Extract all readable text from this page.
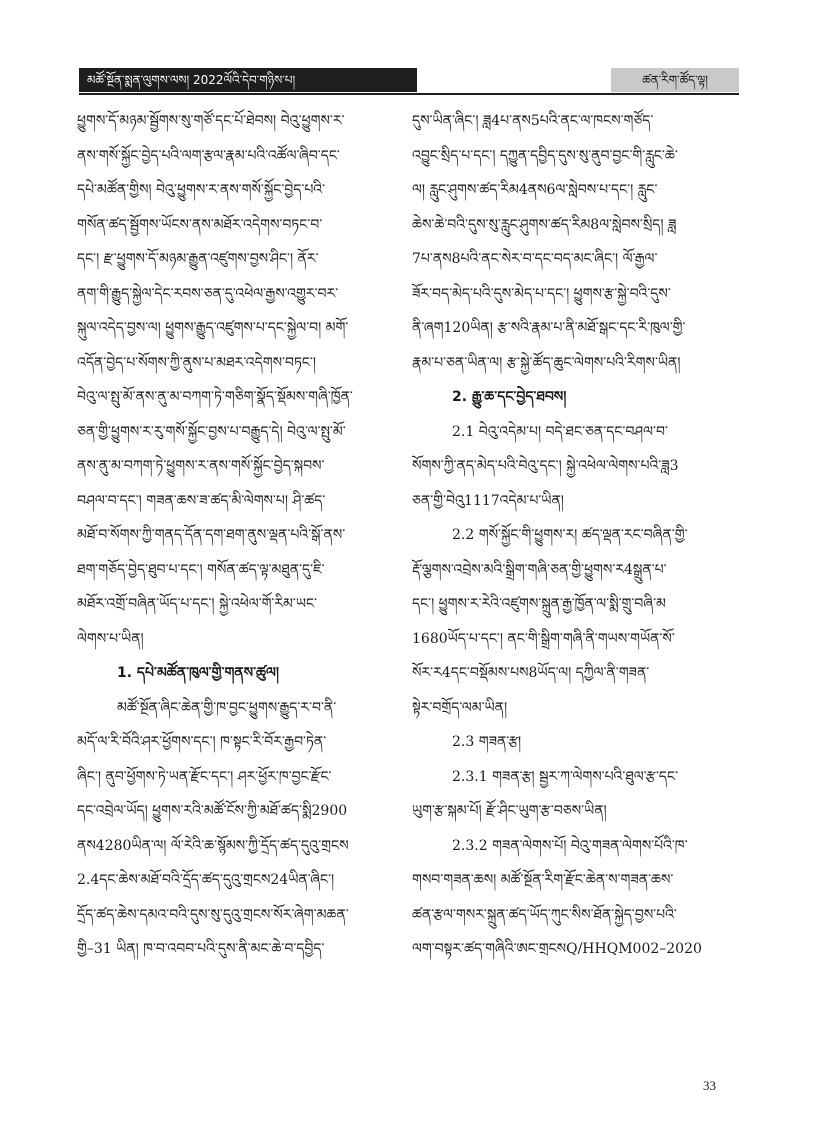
མཚོ་སྔོན་སྨན་ལུགས་ལས། 2022ལོའི་དེབ་གཉིས་པ།	ཚན་རིག་ཚོད་ལྟ།
ཕྱུགས་དོ་མཉམ་སྦྱོགས་སུ་གཙོ་དང་པོ་ཐེབས། བེའུ་ཕྱུགས་ར་
ནས་གསོ་སྐྱོང་བྱེད་པའི་ལག་རྩལ་རྣམ་པའི་འཚོལ་ཞིབ་དང་
དཔེ་མཚོན་གྱིས། བེའུ་ཕྱུགས་ར་ནས་གསོ་སྐྱོང་བྱེད་པའི་
གསོན་ཚད་སྦྱོགས་ཡོངས་ནས་མཐོར་འདེགས་བཏང་བ་
དང་། རྫ་ཕྱུགས་དོ་མཉམ་རྒྱུན་འཛུགས་བྱས་ཤིང་། ནོར་
ནག་གི་རྒྱུད་སྐྱེལ་དེང་རབས་ཅན་དུ་འཕེལ་རྒྱས་འགྱུར་བར་
སྐུལ་འདེད་བྱས་ལ། ཕྱུགས་རྒྱུད་འཛུགས་པ་དང་སྐྱེལ་བ། མགོ་
འདོན་བྱེད་པ་སོགས་ཀྱི་ནུས་པ་མཐར་འདེགས་བཏང་།
བེའུ་ལ་སྤུ་མོ་ནས་ནུ་མ་བཀག་ཏེ་གཅིག་སྣོད་སྡོམས་གཞི་ཁྱོན་
ཅན་གྱི་ཕྱུགས་ར་རུ་གསོ་སྐྱོང་བྱས་པ་བརྒྱུད་དེ། བེའུ་ལ་སྤུ་མོ་
ནས་ནུ་མ་བཀག་ཏེ་ཕྱུགས་ར་ནས་གསོ་སྐྱོང་བྱེད་སྐབས་
བཤལ་བ་དང་། གཟན་ཆས་ཟ་ཚད་མི་ལེགས་པ། ཤི་ཚད་
མཐོ་བ་སོགས་ཀྱི་གནད་དོན་དག་ཐག་ནུས་ལྡན་པའི་སྒོ་ནས་
ཐག་གཅོད་བྱེད་ཐུབ་པ་དང་། གསོན་ཚད་ལྟ་མཐུན་དུ་ཇི་
མཐོར་འགྲོ་བཞིན་ཡོད་པ་དང་། སྐྱེ་འཕེལ་གོ་རིམ་ཡང་
ལེགས་པ་ཡིན།
1. དཔེ་མཚོན་ཁུལ་གྱི་གནས་ཚུལ།
མཚོ་སྔོན་ཞིང་ཆེན་གྱི་ཁ་བྱང་ཕྱུགས་རྒྱུད་ར་བ་ནི་
མདོ་ལ་རི་བོའི་ཤར་ཕྱོགས་དང་། ཁ་སྟང་རི་བོར་རྒྱབ་ཏེན་
ཞིང་། ནུབ་ཕྱོགས་ཏེ་ཡན་རྫོང་དང་། ཤར་ཕྱོར་ཁ་བྱང་རྫོང་
དང་འབྲེལ་ཡོད། ཕྱུགས་རའི་མཚོ་ངོས་ཀྱི་མཐོ་ཚད་སྨི2900
ནས4280ཡིན་ལ། ལོ་རེའི་ཆ་སྙོམས་ཀྱི་དྲོད་ཚད་དུའུ་གྲངས
2.4དང་ཆེས་མཐོ་བའི་དྲོད་ཚད་དུའུ་གྲངས24ཡིན་ཞིང་།
དྲོད་ཚད་ཆེས་དམའ་བའི་དུས་སུ་དུའུ་གྲངས་སོར་ཞེག་མཆན་
གྱི–31 ཡིན། ཁ་བ་འབབ་པའི་དུས་ནི་མང་ཆེ་བ་དབྱིད་
དུས་ཡིན་ཞིང་། ཟླ4པ་ནས5པའི་ནང་ལ་ཁངས་གཙོད་
འབྱུང་སྲིད་པ་དང་། དཀྱུན་དབྱིད་དུས་སུ་ནུབ་བྱང་གི་རླུང་ཆེ་
ལ། རླུང་ཤུགས་ཚད་རིམ4ནས6ལ་སླེབས་པ་དང་། རླུང་
ཆེས་ཆེ་བའི་དུས་སུ་རླུང་ཤུགས་ཚད་རིམ8ལ་སླེབས་སྲིད། ཟླ
7པ་ནས8པའི་ནང་སེར་བ་དང་བད་མང་ཞིང་། ལོ་རྒྱལ་
ཟོར་བད་མེད་པའི་དུས་མེད་པ་དང་། ཕྱུགས་རྩ་སྐྱེ་བའི་དུས་
ནི་ཞག120ཡིན། རྩ་སའི་རྣམ་པ་ནི་མཐོ་སྒང་དང་རི་ཁུལ་གྱི་
རྣམ་པ་ཅན་ཡིན་ལ། རྩ་སྐྱེ་ཚོད་ཆུང་ལེགས་པའི་རིགས་ཡིན།
2. རྒྱུ་ཆ་དང་བྱེད་ཐབས།
2.1 བེའུ་འདེམ་པ། བདེ་ཐང་ཅན་དང་བཤལ་བ་
སོགས་ཀྱི་ནད་མེད་པའི་བེའུ་དང་། སྐྱེ་འཕེལ་ལེགས་པའི་ཟླ3
ཅན་གྱི་བེའུ1117འདེམ་པ་ཡིན།
2.2 གསོ་སྐྱོང་གི་ཕྱུགས་ར། ཚད་ལྡན་རང་བཞིན་གྱི་
རྡོ་ལྕགས་འབྲེས་མའི་སྒྲིག་གཞི་ཅན་གྱི་ཕྱུགས་ར4སྒྲུན་པ་
དང་། ཕྱུགས་ར་རེའི་འཛུགས་སྐྲུན་རྒྱ་ཁྱོན་ལ་སྨི་གྲུ་བཞི་མ
1680ཡོད་པ་དང་། ནང་གི་སྒྲིག་གཞི་ནི་གཡས་གཡོན་སོ་
སོར་ར4དང་བསྡོམས་པས8ཡོད་ལ། དཀྱིལ་ནི་གཟན་
སྟེར་བགྲོད་ལམ་ཡིན།
2.3 གཟན་རྩ།
2.3.1 གཟན་རྩ། སྦྱར་ཀ་ལེགས་པའི་ཐུལ་རྩ་དང་
ཡུག་རྩ་སྐམ་པོ། རྫོ་ཤིང་ཡུག་རྩ་བཅས་ཡིན།
2.3.2 གཟན་ལེགས་པོ། བེའུ་གཟན་ལེགས་པོའི་ཁ་
གསབ་གཟན་ཆས། མཚོ་སྔོན་རིག་རྫོང་ཆེན་ས་གཟན་ཆས་
ཚན་རྩལ་གསར་སྐྲུན་ཚད་ཡོད་ཀུང་སིས་ཐོན་སྐྱེད་བྱས་པའི་
ལག་བསྟར་ཚད་གཞིའི་ཨང་གྲངསQ/HHQM002–2020
33
